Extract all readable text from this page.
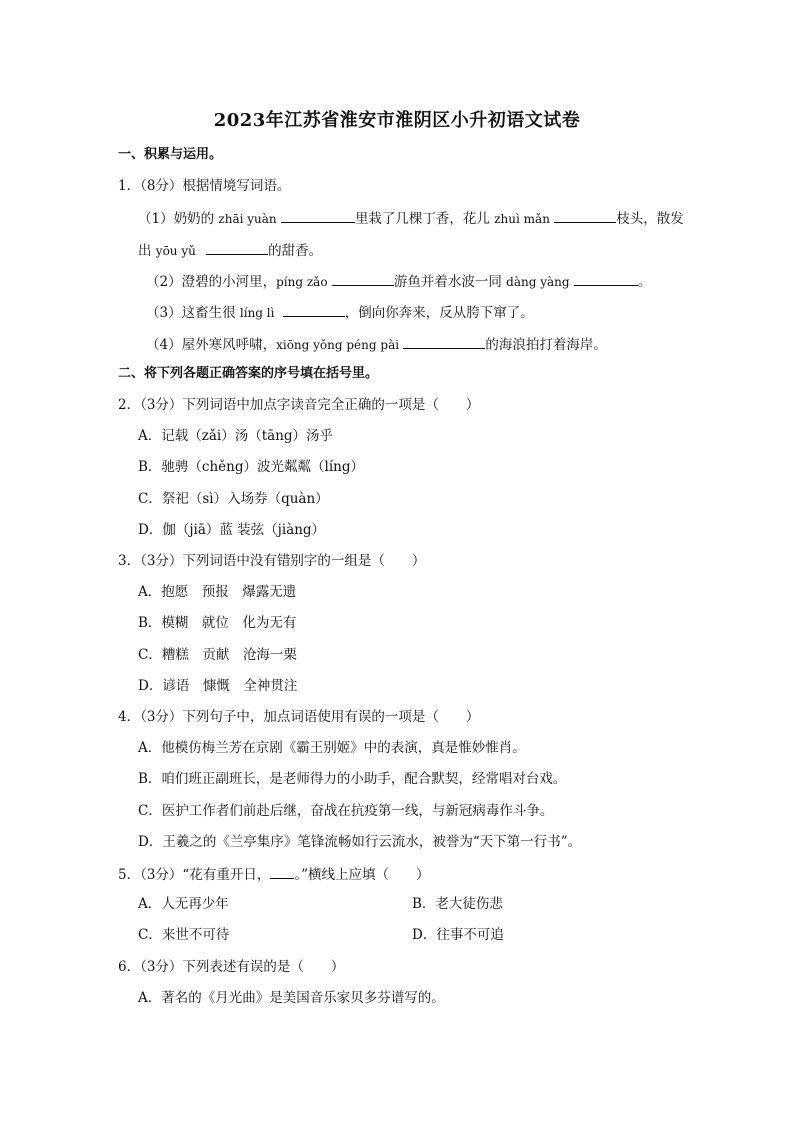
2023年江苏省淮安市淮阴区小升初语文试卷
一、积累与运用。
1．（8分）根据情境写词语。
（1）奶奶的 zhāi yuàn	里栽了几棵丁香，花儿 zhuì mǎn	枝头，散发
出 yōu yǔ	的甜香。
（2）澄碧的小河里，píng zǎo	游鱼并着水波一同 dàng yàng	。
（3）这畜生很 líng lì	，倒向你奔来，反从胯下窜了。
（4）屋外寒风呼啸，xiōng yǒng péng pài	的海浪拍打着海岸。
二、将下列各题正确答案的序号填在括号里。
2．（3分）下列词语中加点字读音完全正确的一项是（　　）
A．记载（zǎi）汤（tāng）汤乎
B．驰骋（chěng）波光粼粼（líng）
C．祭祀（sì）入场券（quàn）
D．伽（jiā）蓝 装弦（jiàng）
3．（3分）下列词语中没有错别字的一组是（　　）
A．抱愿　预报　爆露无遗
B．模糊　就位　化为无有
C．糟糕　贡献　沧海一栗
D．谚语　慷慨　全神贯注
4．（3分）下列句子中，加点词语使用有误的一项是（　　）
A．他模仿梅兰芳在京剧《霸王别姬》中的表演，真是惟妙惟肖。
B．咱们班正副班长，是老师得力的小助手，配合默契，经常唱对台戏。
C．医护工作者们前赴后继，奋战在抗疫第一线，与新冠病毒作斗争。
D．王羲之的《兰亭集序》笔锋流畅如行云流水，被誉为“天下第一行书”。
5．（3分）“花有重开日， 。”横线上应填（　　）
A．人无再少年	B．老大徒伤悲
C．来世不可待	D．往事不可追
6．（3分）下列表述有误的是（　　）
A．著名的《月光曲》是美国音乐家贝多芬谱写的。
